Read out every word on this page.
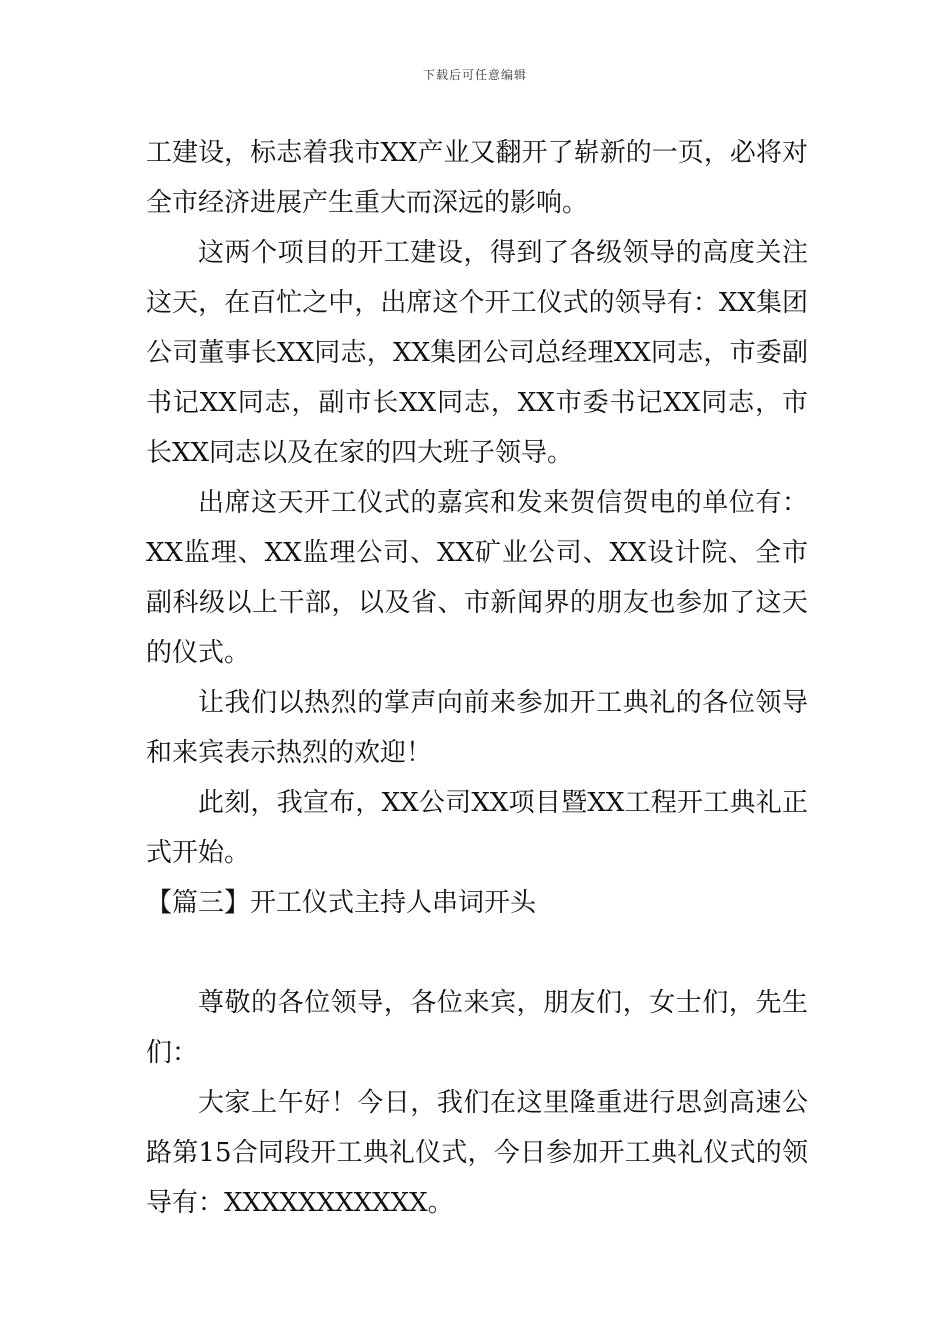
下载后可任意编辑

工建设，标志着我市XX产业又翻开了崭新的一页，必将对全市经济进展产生重大而深远的影响。

这两个项目的开工建设，得到了各级领导的高度关注这天，在百忙之中，出席这个开工仪式的领导有：XX集团公司董事长XX同志，XX集团公司总经理XX同志，市委副书记XX同志，副市长XX同志，XX市委书记XX同志，市长XX同志以及在家的四大班子领导。

出席这天开工仪式的嘉宾和发来贺信贺电的单位有：XX监理、XX监理公司、XX矿业公司、XX设计院、全市副科级以上干部，以及省、市新闻界的朋友也参加了这天的仪式。

让我们以热烈的掌声向前来参加开工典礼的各位领导和来宾表示热烈的欢迎！

此刻，我宣布，XX公司XX项目暨XX工程开工典礼正式开始。

【篇三】开工仪式主持人串词开头

尊敬的各位领导，各位来宾，朋友们，女士们，先生们：

大家上午好！今日，我们在这里隆重进行思剑高速公路第15合同段开工典礼仪式，今日参加开工典礼仪式的领导有：XXXXXXXXXXX。
